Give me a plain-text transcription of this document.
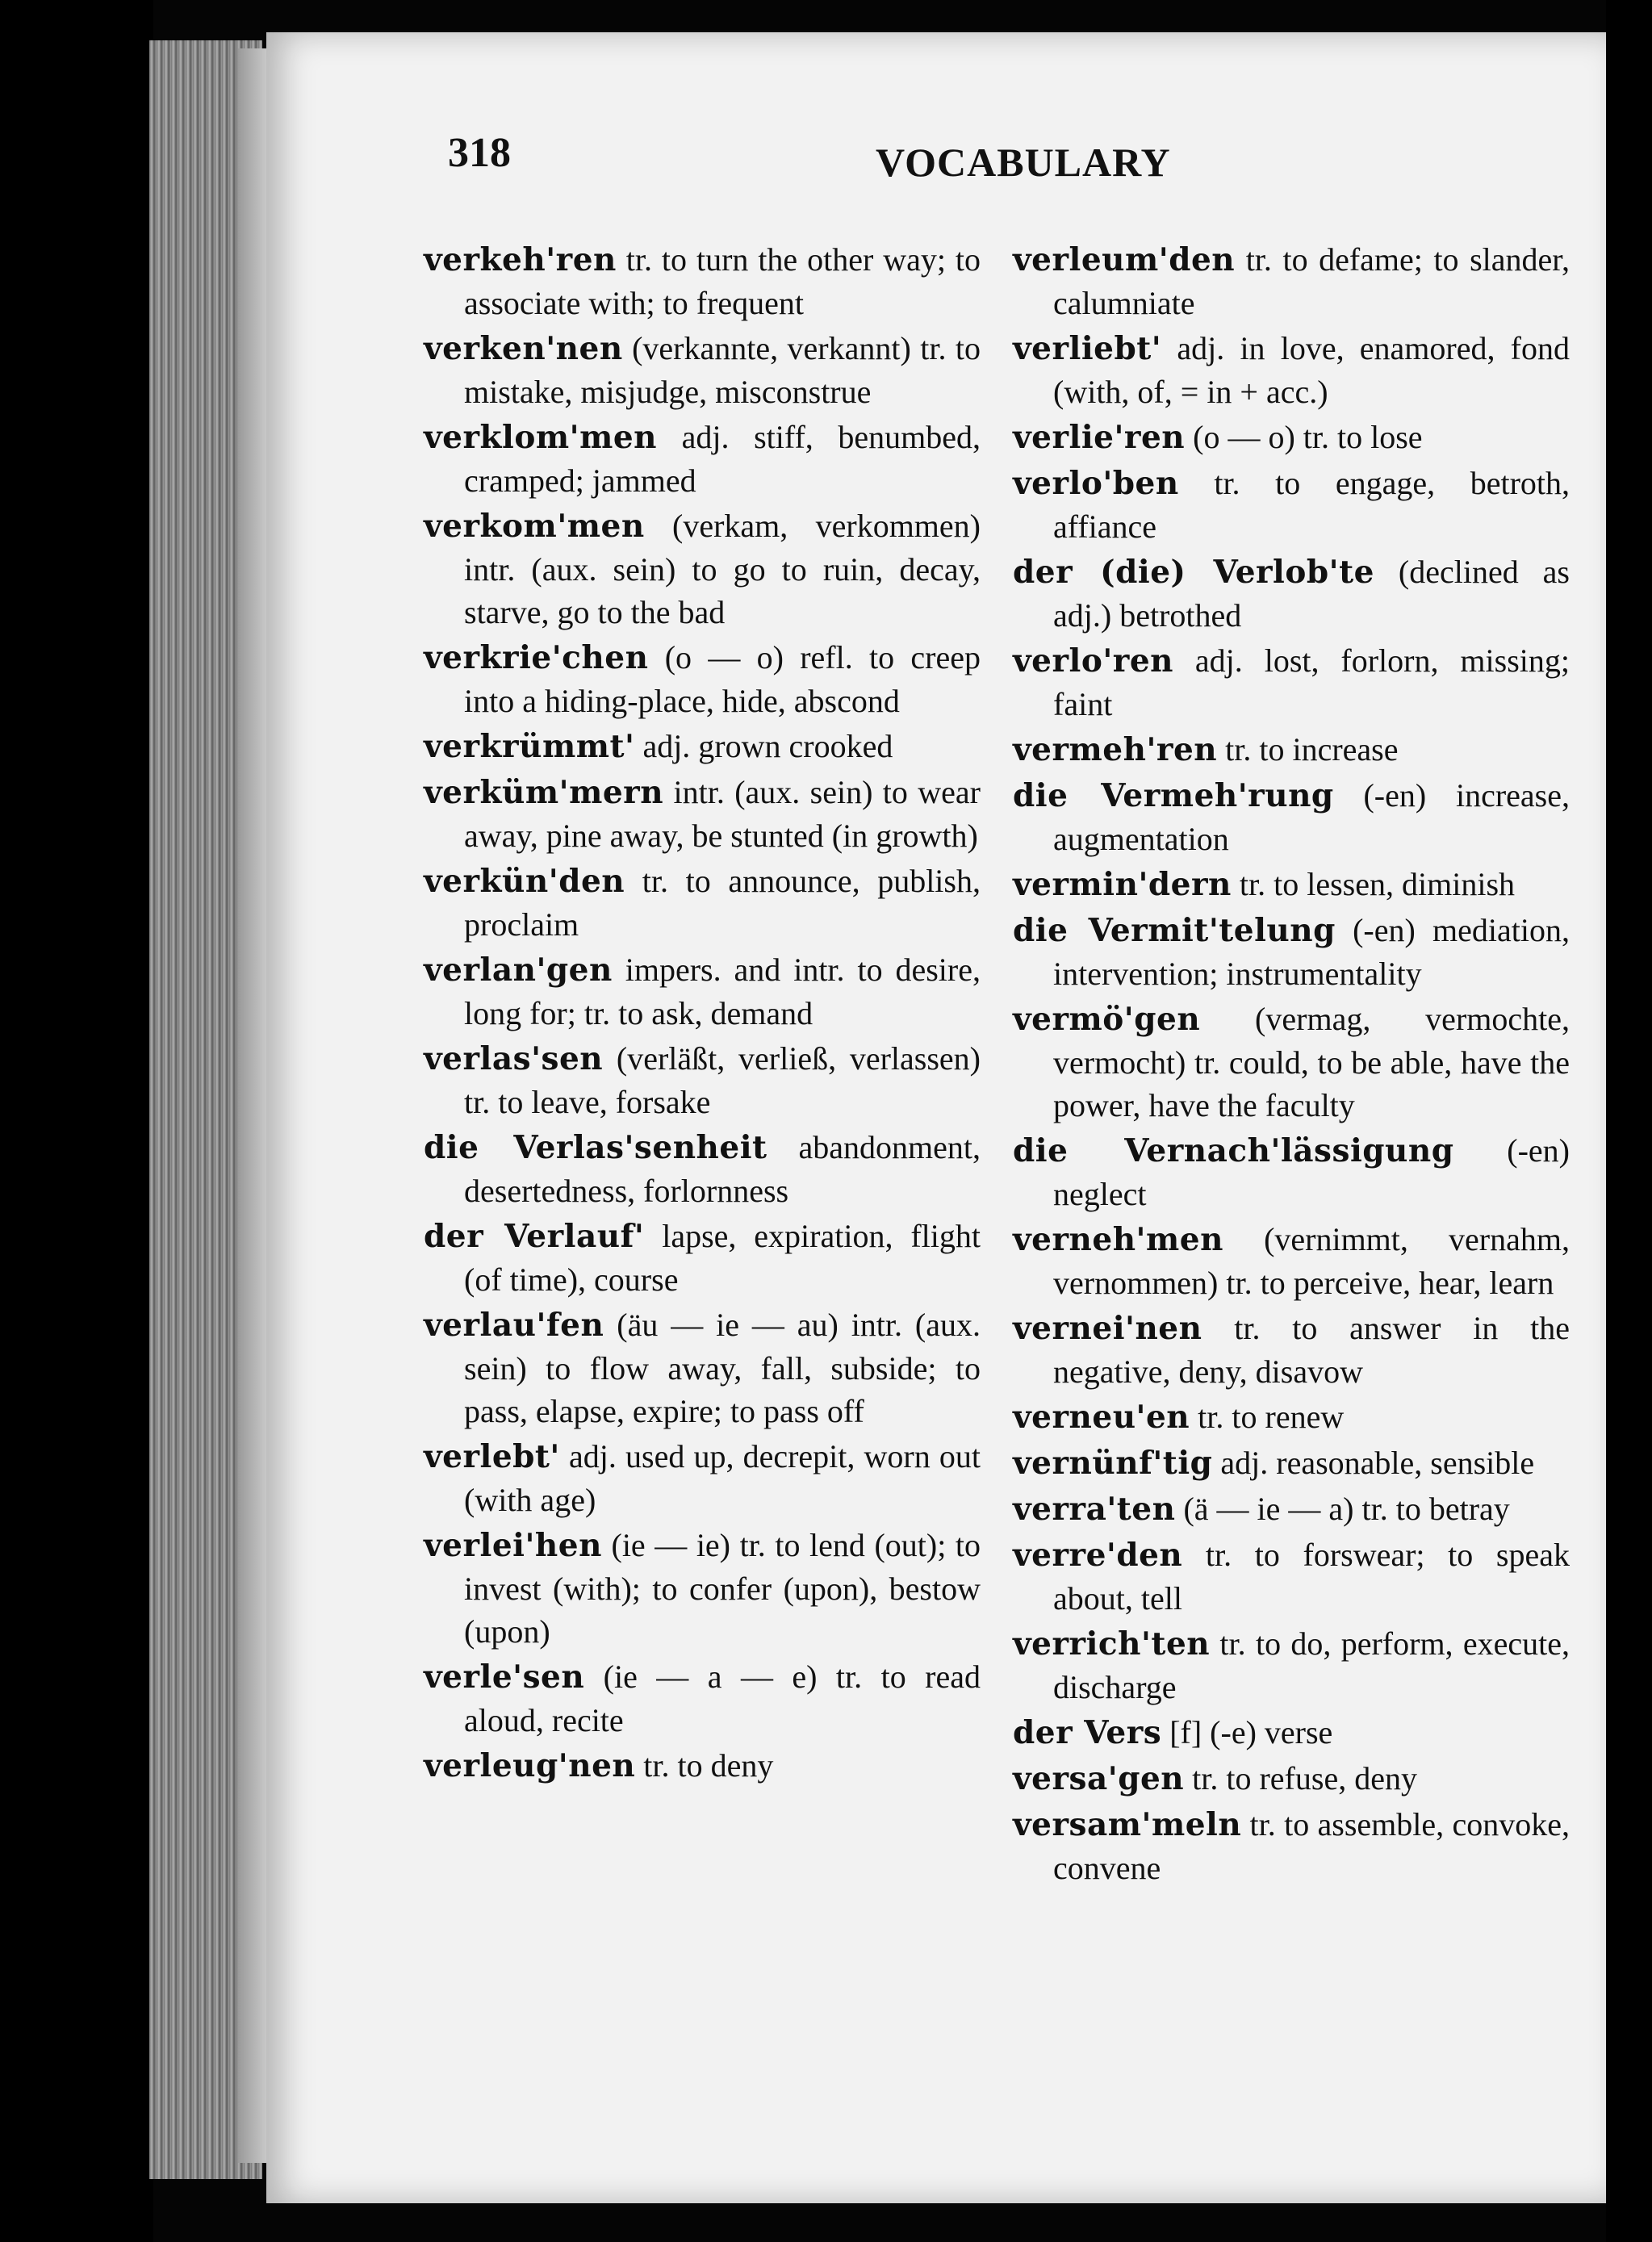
318	VOCABULARY
verkeh'ren tr. to turn the other way; to associate with; to frequent
verken'nen (verkannte, verkannt) tr. to mistake, misjudge, misconstrue
verklom'men adj. stiff, benumbed, cramped; jammed
verkom'men (verkam, verkommen) intr. (aux. sein) to go to ruin, decay, starve, go to the bad
verkrie'chen (o — o) refl. to creep into a hiding-place, hide, abscond
verkrümmt' adj. grown crooked
verküm'mern intr. (aux. sein) to wear away, pine away, be stunted (in growth)
verkün'den tr. to announce, publish, proclaim
verlan'gen impers. and intr. to desire, long for; tr. to ask, demand
verlas'sen (verläßt, verließ, verlassen) tr. to leave, forsake
die Verlas'senheit abandonment, desertedness, forlornness
der Verlauf' lapse, expiration, flight (of time), course
verlau'fen (äu — ie — au) intr. (aux. sein) to flow away, fall, subside; to pass, elapse, expire; to pass off
verlebt' adj. used up, decrepit, worn out (with age)
verlei'hen (ie — ie) tr. to lend (out); to invest (with); to confer (upon), bestow (upon)
verle'sen (ie — a — e) tr. to read aloud, recite
verleug'nen tr. to deny
verleum'den tr. to defame; to slander, calumniate
verliebt' adj. in love, enamored, fond (with, of, = in + acc.)
verlie'ren (o — o) tr. to lose
verlo'ben tr. to engage, betroth, affiance
der (die) Verlob'te (declined as adj.) betrothed
verlo'ren adj. lost, forlorn, missing; faint
vermeh'ren tr. to increase
die Vermeh'rung (-en) increase, augmentation
vermin'dern tr. to lessen, diminish
die Vermit'telung (-en) mediation, intervention; instrumentality
vermö'gen (vermag, vermochte, vermocht) tr. could, to be able, have the power, have the faculty
die Vernach'lässigung (-en) neglect
verneh'men (vernimmt, vernahm, vernommen) tr. to perceive, hear, learn
vernei'nen tr. to answer in the negative, deny, disavow
verneu'en tr. to renew
vernünf'tig adj. reasonable, sensible
verra'ten (ä — ie — a) tr. to betray
verre'den tr. to forswear; to speak about, tell
verrich'ten tr. to do, perform, execute, discharge
der Vers [f] (-e) verse
versa'gen tr. to refuse, deny
versam'meln tr. to assemble, convoke, convene
